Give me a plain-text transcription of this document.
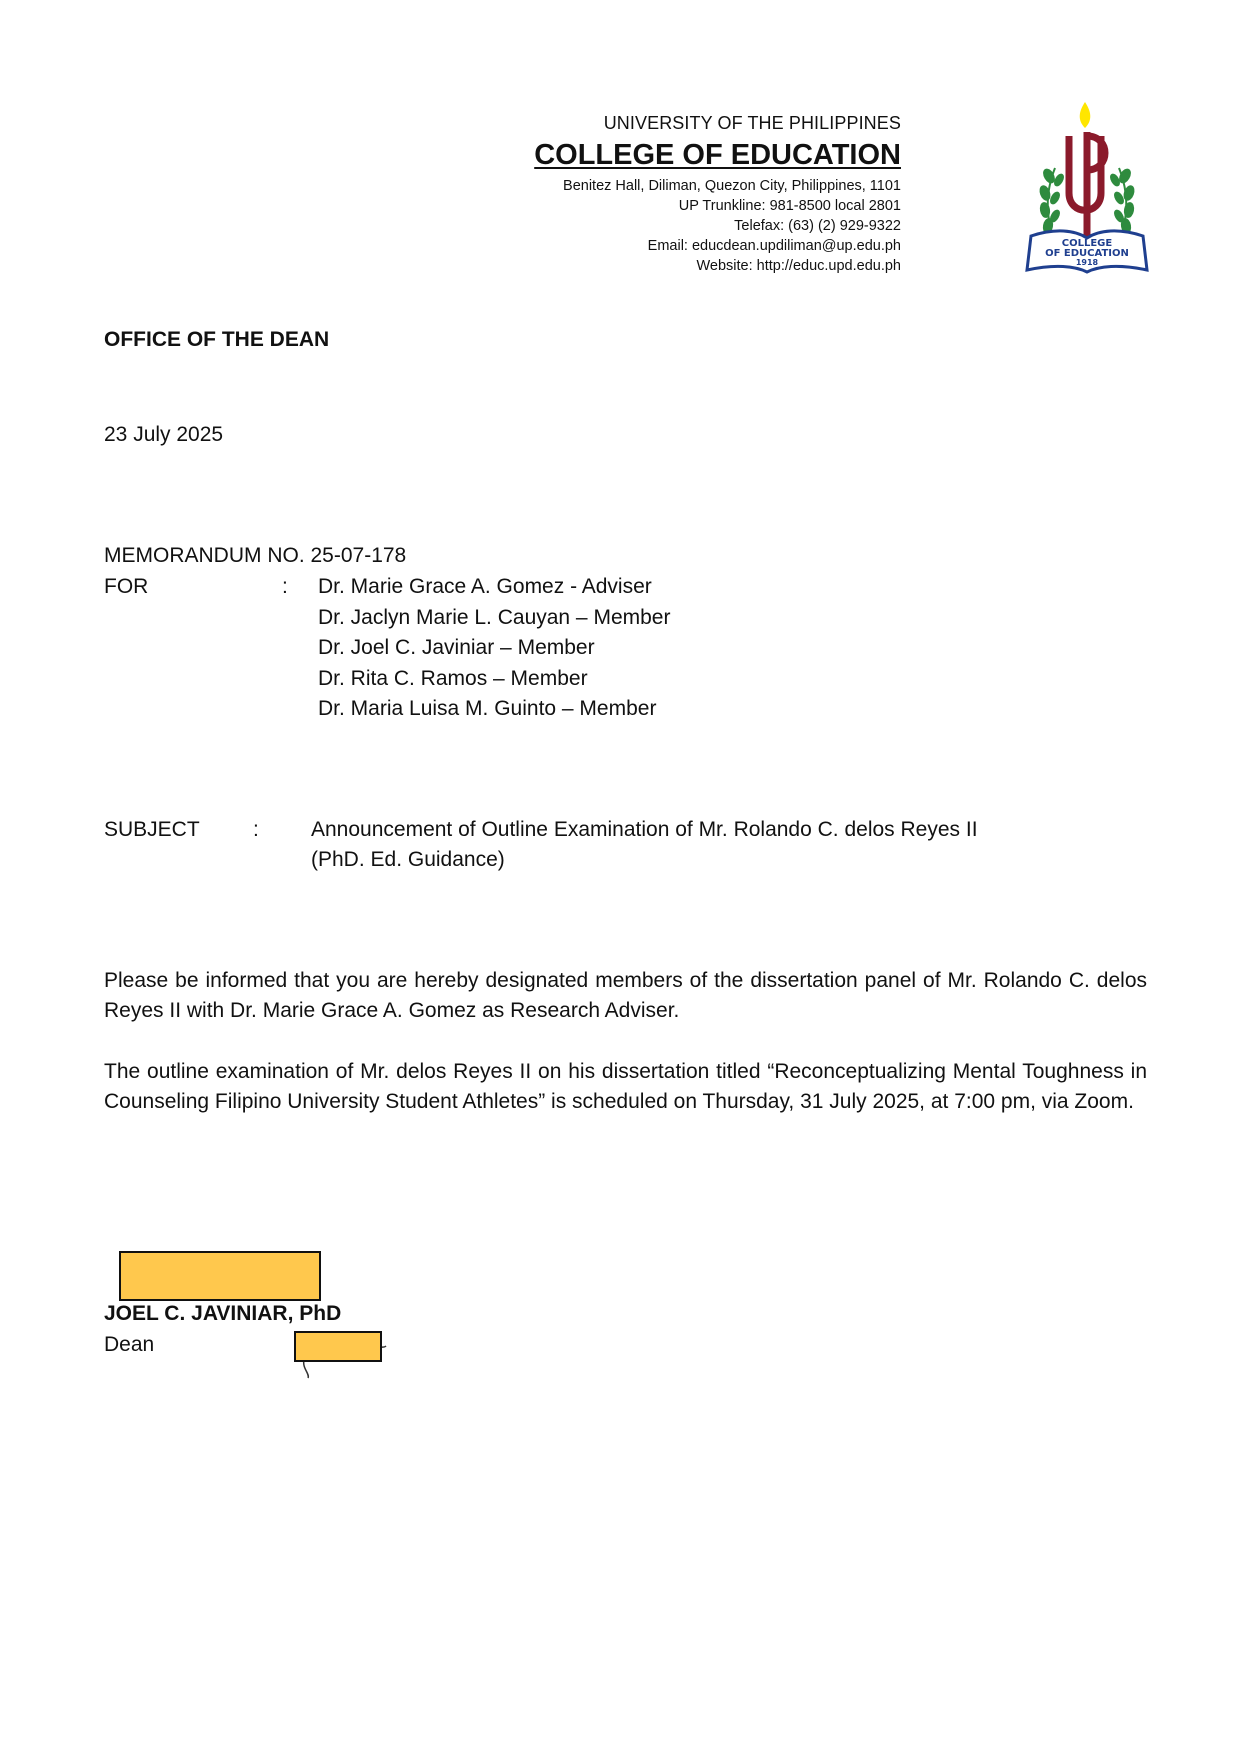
UNIVERSITY OF THE PHILIPPINES
COLLEGE OF EDUCATION
Benitez Hall, Diliman, Quezon City, Philippines, 1101
UP Trunkline: 981-8500 local 2801
Telefax: (63) (2) 929-9322
Email: educdean.updiliman@up.edu.ph
Website: http://educ.upd.edu.ph
COLLEGE
OF EDUCATION
1918
OFFICE OF THE DEAN
23 July 2025
MEMORANDUM NO. 25-07-178
FOR	: Dr. Marie Grace A. Gomez - Adviser
Dr. Jaclyn Marie L. Cauyan – Member
Dr. Joel C. Javiniar – Member
Dr. Rita C. Ramos – Member
Dr. Maria Luisa M. Guinto – Member
SUBJECT	: Announcement of Outline Examination of Mr. Rolando C. delos Reyes II
(PhD. Ed. Guidance)
Please be informed that you are hereby designated members of the dissertation panel of Mr. Rolando C. delos Reyes II with Dr. Marie Grace A. Gomez as Research Adviser.
The outline examination of Mr. delos Reyes II on his dissertation titled “Reconceptualizing Mental Toughness in Counseling Filipino University Student Athletes” is scheduled on Thursday, 31 July 2025, at 7:00 pm, via Zoom.
JOEL C. JAVINIAR, PhD
Dean
